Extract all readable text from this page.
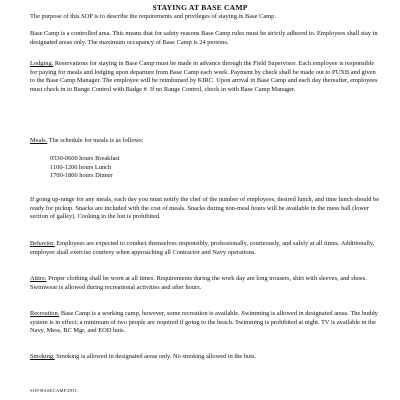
STAYING AT BASE CAMP

The purpose of this SOP is to describe the requirements and privileges of staying in Base Camp.

Base Camp is a controlled area. This means that for safety reasons Base Camp rules must be strictly adhered to. Employees shall stay in designated areas only. The maximum occupancy of Base Camp is 24 persons.

Lodging. Reservations for staying in Base Camp must be made in advance through the Field Supervisor. Each employee is responsible for paying for meals and lodging upon departure from Base Camp each week. Payment by check shall be made out to PUXB and given to the Base Camp Manager. The employee will be reimbursed by KIRC. Upon arrival in Base Camp and each day thereafter, employees must check in to Range Control with Badge #. If no Range Control, check in with Base Camp Manager.

Meals. The schedule for meals is as follows:

0530-0600 hours Breakfast
1100-1200 hours Lunch
1700-1800 hours Dinner

If going up-range for any meals, each day you must notify the chef of the number of employees, desired lunch, and time lunch should be ready for pickup. Snacks are included with the cost of meals. Snacks during non-meal hours will be available in the mess hall (lower section of galley). Cooking in the hut is prohibited.

Behavior. Employees are expected to conduct themselves responsibly, professionally, courteously, and safely at all times. Additionally, employee shall exercise courtesy when approaching all Contractor and Navy operations.

Attire. Proper clothing shall be worn at all times. Requirements during the work day are long trousers, shirt with sleeves, and shoes. Swimwear is allowed during recreational activities and after hours.

Recreation. Base Camp is a working camp, however, some recreation is available. Swimming is allowed in designated areas. The buddy system is in effect; a minimum of two people are required if going to the beach. Swimming is prohibited at night. TV is available in the Navy, Mess, BC Mgr, and EOD huts.

Smoking. Smoking is allowed in designated areas only. No smoking allowed in the huts.

SOP BASECAMP.DOC
